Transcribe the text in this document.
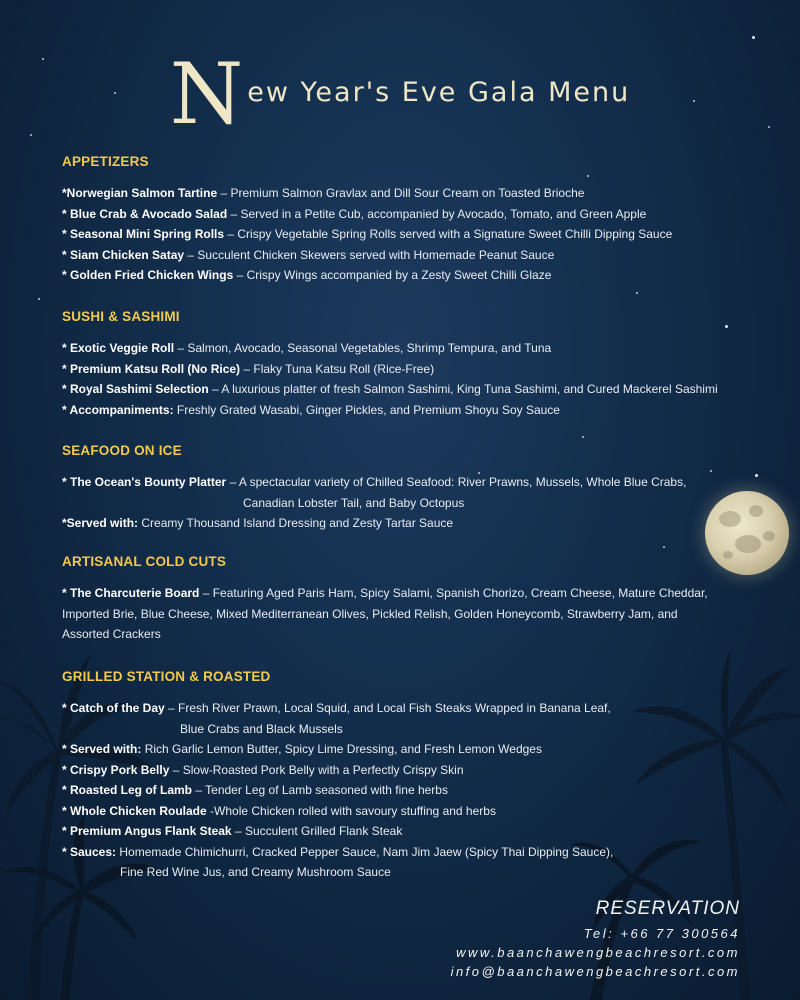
N ew Year's Eve Gala Menu
APPETIZERS
*Norwegian Salmon Tartine – Premium Salmon Gravlax and Dill Sour Cream on Toasted Brioche
* Blue Crab & Avocado Salad – Served in a Petite Cub, accompanied by Avocado, Tomato, and Green Apple
* Seasonal Mini Spring Rolls – Crispy Vegetable Spring Rolls served with a Signature Sweet Chilli Dipping Sauce
* Siam Chicken Satay – Succulent Chicken Skewers served with Homemade Peanut Sauce
* Golden Fried Chicken Wings – Crispy Wings accompanied by a Zesty Sweet Chilli Glaze
SUSHI & SASHIMI
* Exotic Veggie Roll – Salmon, Avocado, Seasonal Vegetables, Shrimp Tempura, and Tuna
* Premium Katsu Roll (No Rice) – Flaky Tuna Katsu Roll (Rice-Free)
* Royal Sashimi Selection – A luxurious platter of fresh Salmon Sashimi, King Tuna Sashimi, and Cured Mackerel Sashimi
* Accompaniments: Freshly Grated Wasabi, Ginger Pickles, and Premium Shoyu Soy Sauce
SEAFOOD ON ICE
* The Ocean's Bounty Platter – A spectacular variety of Chilled Seafood: River Prawns, Mussels, Whole Blue Crabs,
Canadian Lobster Tail, and Baby Octopus
*Served with: Creamy Thousand Island Dressing and Zesty Tartar Sauce
ARTISANAL COLD CUTS
* The Charcuterie Board – Featuring Aged Paris Ham, Spicy Salami, Spanish Chorizo, Cream Cheese, Mature Cheddar,
Imported Brie, Blue Cheese, Mixed Mediterranean Olives, Pickled Relish, Golden Honeycomb, Strawberry Jam, and
Assorted Crackers
GRILLED STATION & ROASTED
* Catch of the Day – Fresh River Prawn, Local Squid, and Local Fish Steaks Wrapped in Banana Leaf,
Blue Crabs and Black Mussels
* Served with: Rich Garlic Lemon Butter, Spicy Lime Dressing, and Fresh Lemon Wedges
* Crispy Pork Belly – Slow-Roasted Pork Belly with a Perfectly Crispy Skin
* Roasted Leg of Lamb – Tender Leg of Lamb seasoned with fine herbs
* Whole Chicken Roulade -Whole Chicken rolled with savoury stuffing and herbs
* Premium Angus Flank Steak – Succulent Grilled Flank Steak
* Sauces: Homemade Chimichurri, Cracked Pepper Sauce, Nam Jim Jaew (Spicy Thai Dipping Sauce),
Fine Red Wine Jus, and Creamy Mushroom Sauce
RESERVATION
Tel: +66 77 300564
www.baanchawengbeachresort.com
info@baanchawengbeachresort.com
